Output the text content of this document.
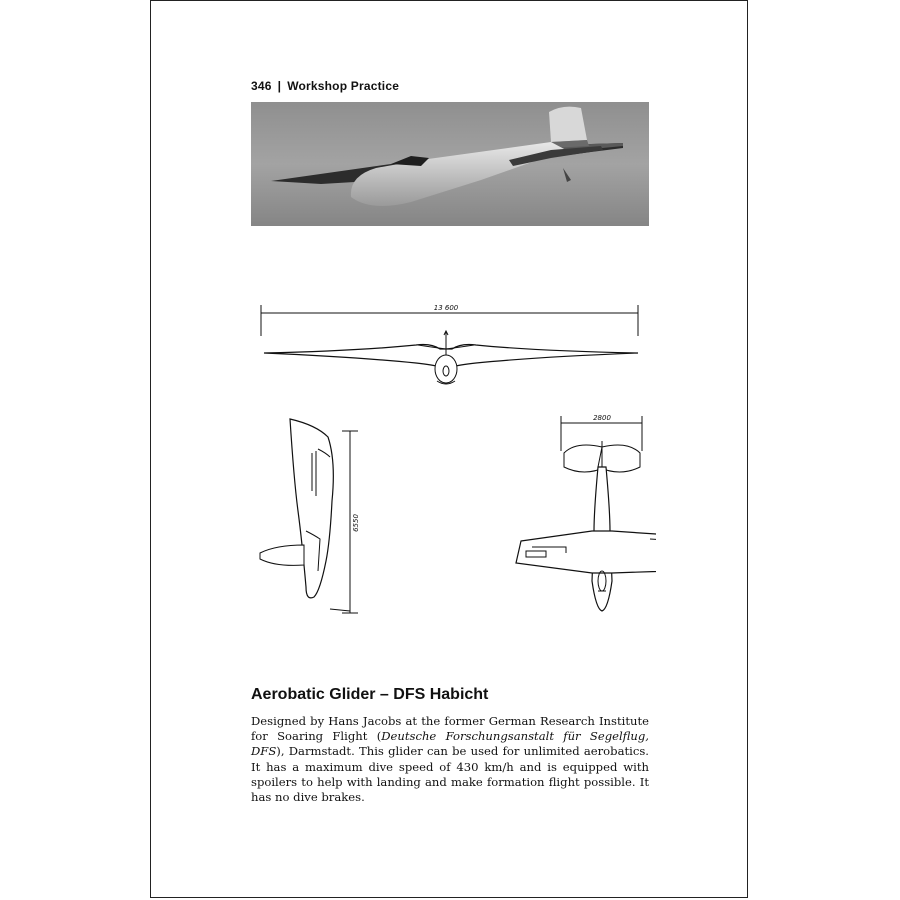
346 | Workshop Practice
13 600
2800
6550
Aerobatic Glider – DFS Habicht
Designed by Hans Jacobs at the former German Research Institute for Soaring Flight (Deutsche Forschungsanstalt für Segelflug, DFS), Darmstadt. This glider can be used for unlimited aerobatics. It has a maximum dive speed of 430 km/h and is equipped with spoilers to help with landing and make formation flight possible. It has no dive brakes.
